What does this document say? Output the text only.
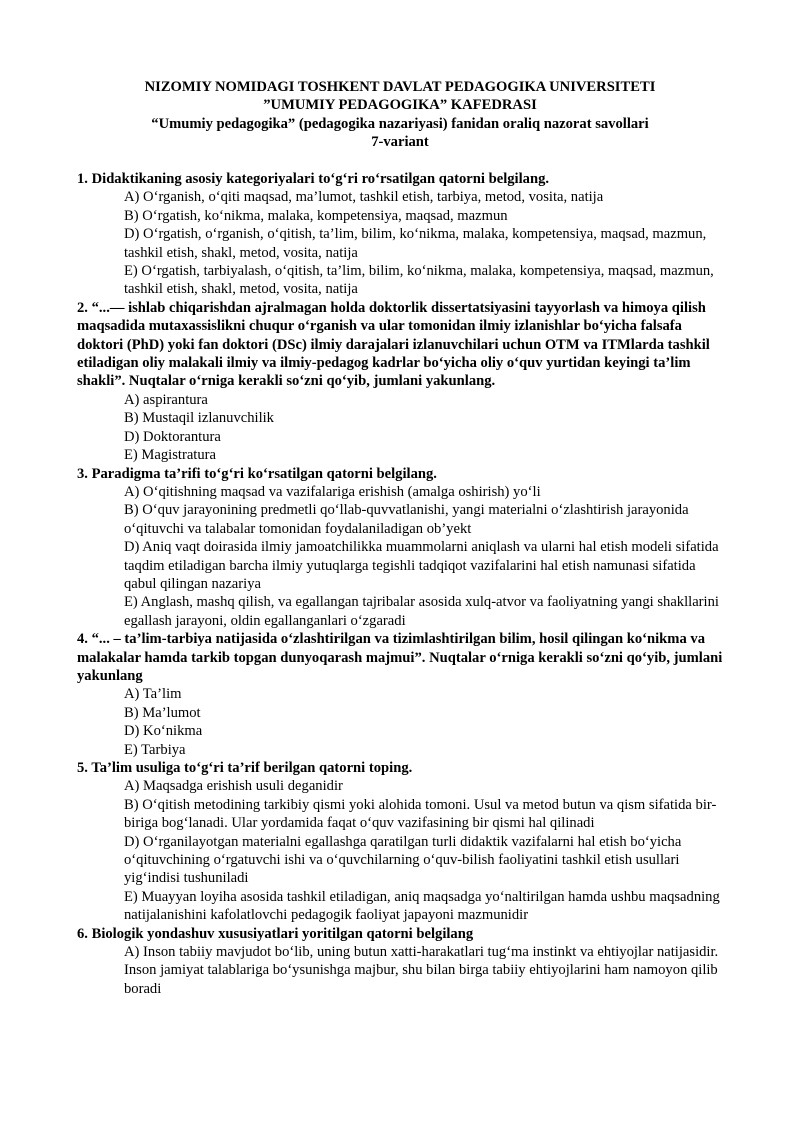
NIZOMIY NOMIDAGI TOSHKENT DAVLAT PEDAGOGIKA UNIVERSITETI
”UMUMIY PEDAGOGIKA” KAFEDRASI
“Umumiy pedagogika” (pedagogika nazariyasi) fanidan oraliq nazorat savollari
7-variant

1. Didaktikaning asosiy kategoriyalari to‘g‘ri ro‘rsatilgan qatorni belgilang.

A) O‘rganish, o‘qiti maqsad, ma’lumot, tashkil etish, tarbiya, metod, vosita, natija

B) O‘rgatish, ko‘nikma, malaka, kompetensiya, maqsad, mazmun

D) O‘rgatish, o‘rganish, o‘qitish, ta’lim, bilim, ko‘nikma, malaka, kompetensiya, maqsad, mazmun, tashkil etish, shakl, metod, vosita, natija

E) O‘rgatish, tarbiyalash, o‘qitish, ta’lim, bilim, ko‘nikma, malaka, kompetensiya, maqsad, mazmun, tashkil etish, shakl, metod, vosita, natija

2. “...— ishlab chiqarishdan ajralmagan holda doktorlik dissertatsiyasini tayyorlash va himoya qilish maqsadida mutaxassislikni chuqur o‘rganish va ular tomonidan ilmiy izlanishlar bo‘yicha falsafa doktori (PhD) yoki fan doktori (DSc) ilmiy darajalari izlanuvchilari uchun OTM va ITMlarda tashkil etiladigan oliy malakali ilmiy va ilmiy-pedagog kadrlar bo‘yicha oliy o‘quv yurtidan keyingi ta’lim shakli”. Nuqtalar o‘rniga kerakli so‘zni qo‘yib, jumlani yakunlang.

A) aspirantura

B) Mustaqil izlanuvchilik

D) Doktorantura

E) Magistratura

3. Paradigma ta’rifi to‘g‘ri ko‘rsatilgan qatorni belgilang.

A) O‘qitishning maqsad va vazifalariga erishish (amalga oshirish) yo‘li

B) O‘quv jarayonining predmetli qo‘llab-quvvatlanishi, yangi materialni o‘zlashtirish jarayonida o‘qituvchi va talabalar tomonidan foydalaniladigan ob’yekt

D) Aniq vaqt doirasida ilmiy jamoatchilikka muammolarni aniqlash va ularni hal etish modeli sifatida taqdim etiladigan barcha ilmiy yutuqlarga tegishli tadqiqot vazifalarini hal etish namunasi sifatida qabul qilingan nazariya

E) Anglash, mashq qilish, va egallangan tajribalar asosida xulq-atvor va faoliyatning yangi shakllarini egallash jarayoni, oldin egallanganlari o‘zgaradi

4. “... – ta’lim-tarbiya natijasida o‘zlashtirilgan va tizimlashtirilgan bilim, hosil qilingan ko‘nikma va malakalar hamda tarkib topgan dunyoqarash majmui”. Nuqtalar o‘rniga kerakli so‘zni qo‘yib, jumlani yakunlang

A) Ta’lim

B) Ma’lumot

D) Ko‘nikma

E) Tarbiya

5. Ta’lim usuliga to‘g‘ri ta’rif berilgan qatorni toping.

A) Maqsadga erishish usuli deganidir

B) O‘qitish metodining tarkibiy qismi yoki alohida tomoni. Usul va metod butun va qism sifatida bir-biriga bog‘lanadi. Ular yordamida faqat o‘quv vazifasining bir qismi hal qilinadi

D) O‘rganilayotgan materialni egallashga qaratilgan turli didaktik vazifalarni hal etish bo‘yicha o‘qituvchining o‘rgatuvchi ishi va o‘quvchilarning o‘quv-bilish faoliyatini tashkil etish usullari yig‘indisi tushuniladi

E) Muayyan loyiha asosida tashkil etiladigan, aniq maqsadga yo‘naltirilgan hamda ushbu maqsadning natijalanishini kafolatlovchi pedagogik faoliyat japayoni mazmunidir

6. Biologik yondashuv xususiyatlari yoritilgan qatorni belgilang

A) Inson tabiiy mavjudot bo‘lib, uning butun xatti-harakatlari tug‘ma instinkt va ehtiyojlar natijasidir. Inson jamiyat talablariga bo‘ysunishga majbur, shu bilan birga tabiiy ehtiyojlarini ham namoyon qilib boradi
